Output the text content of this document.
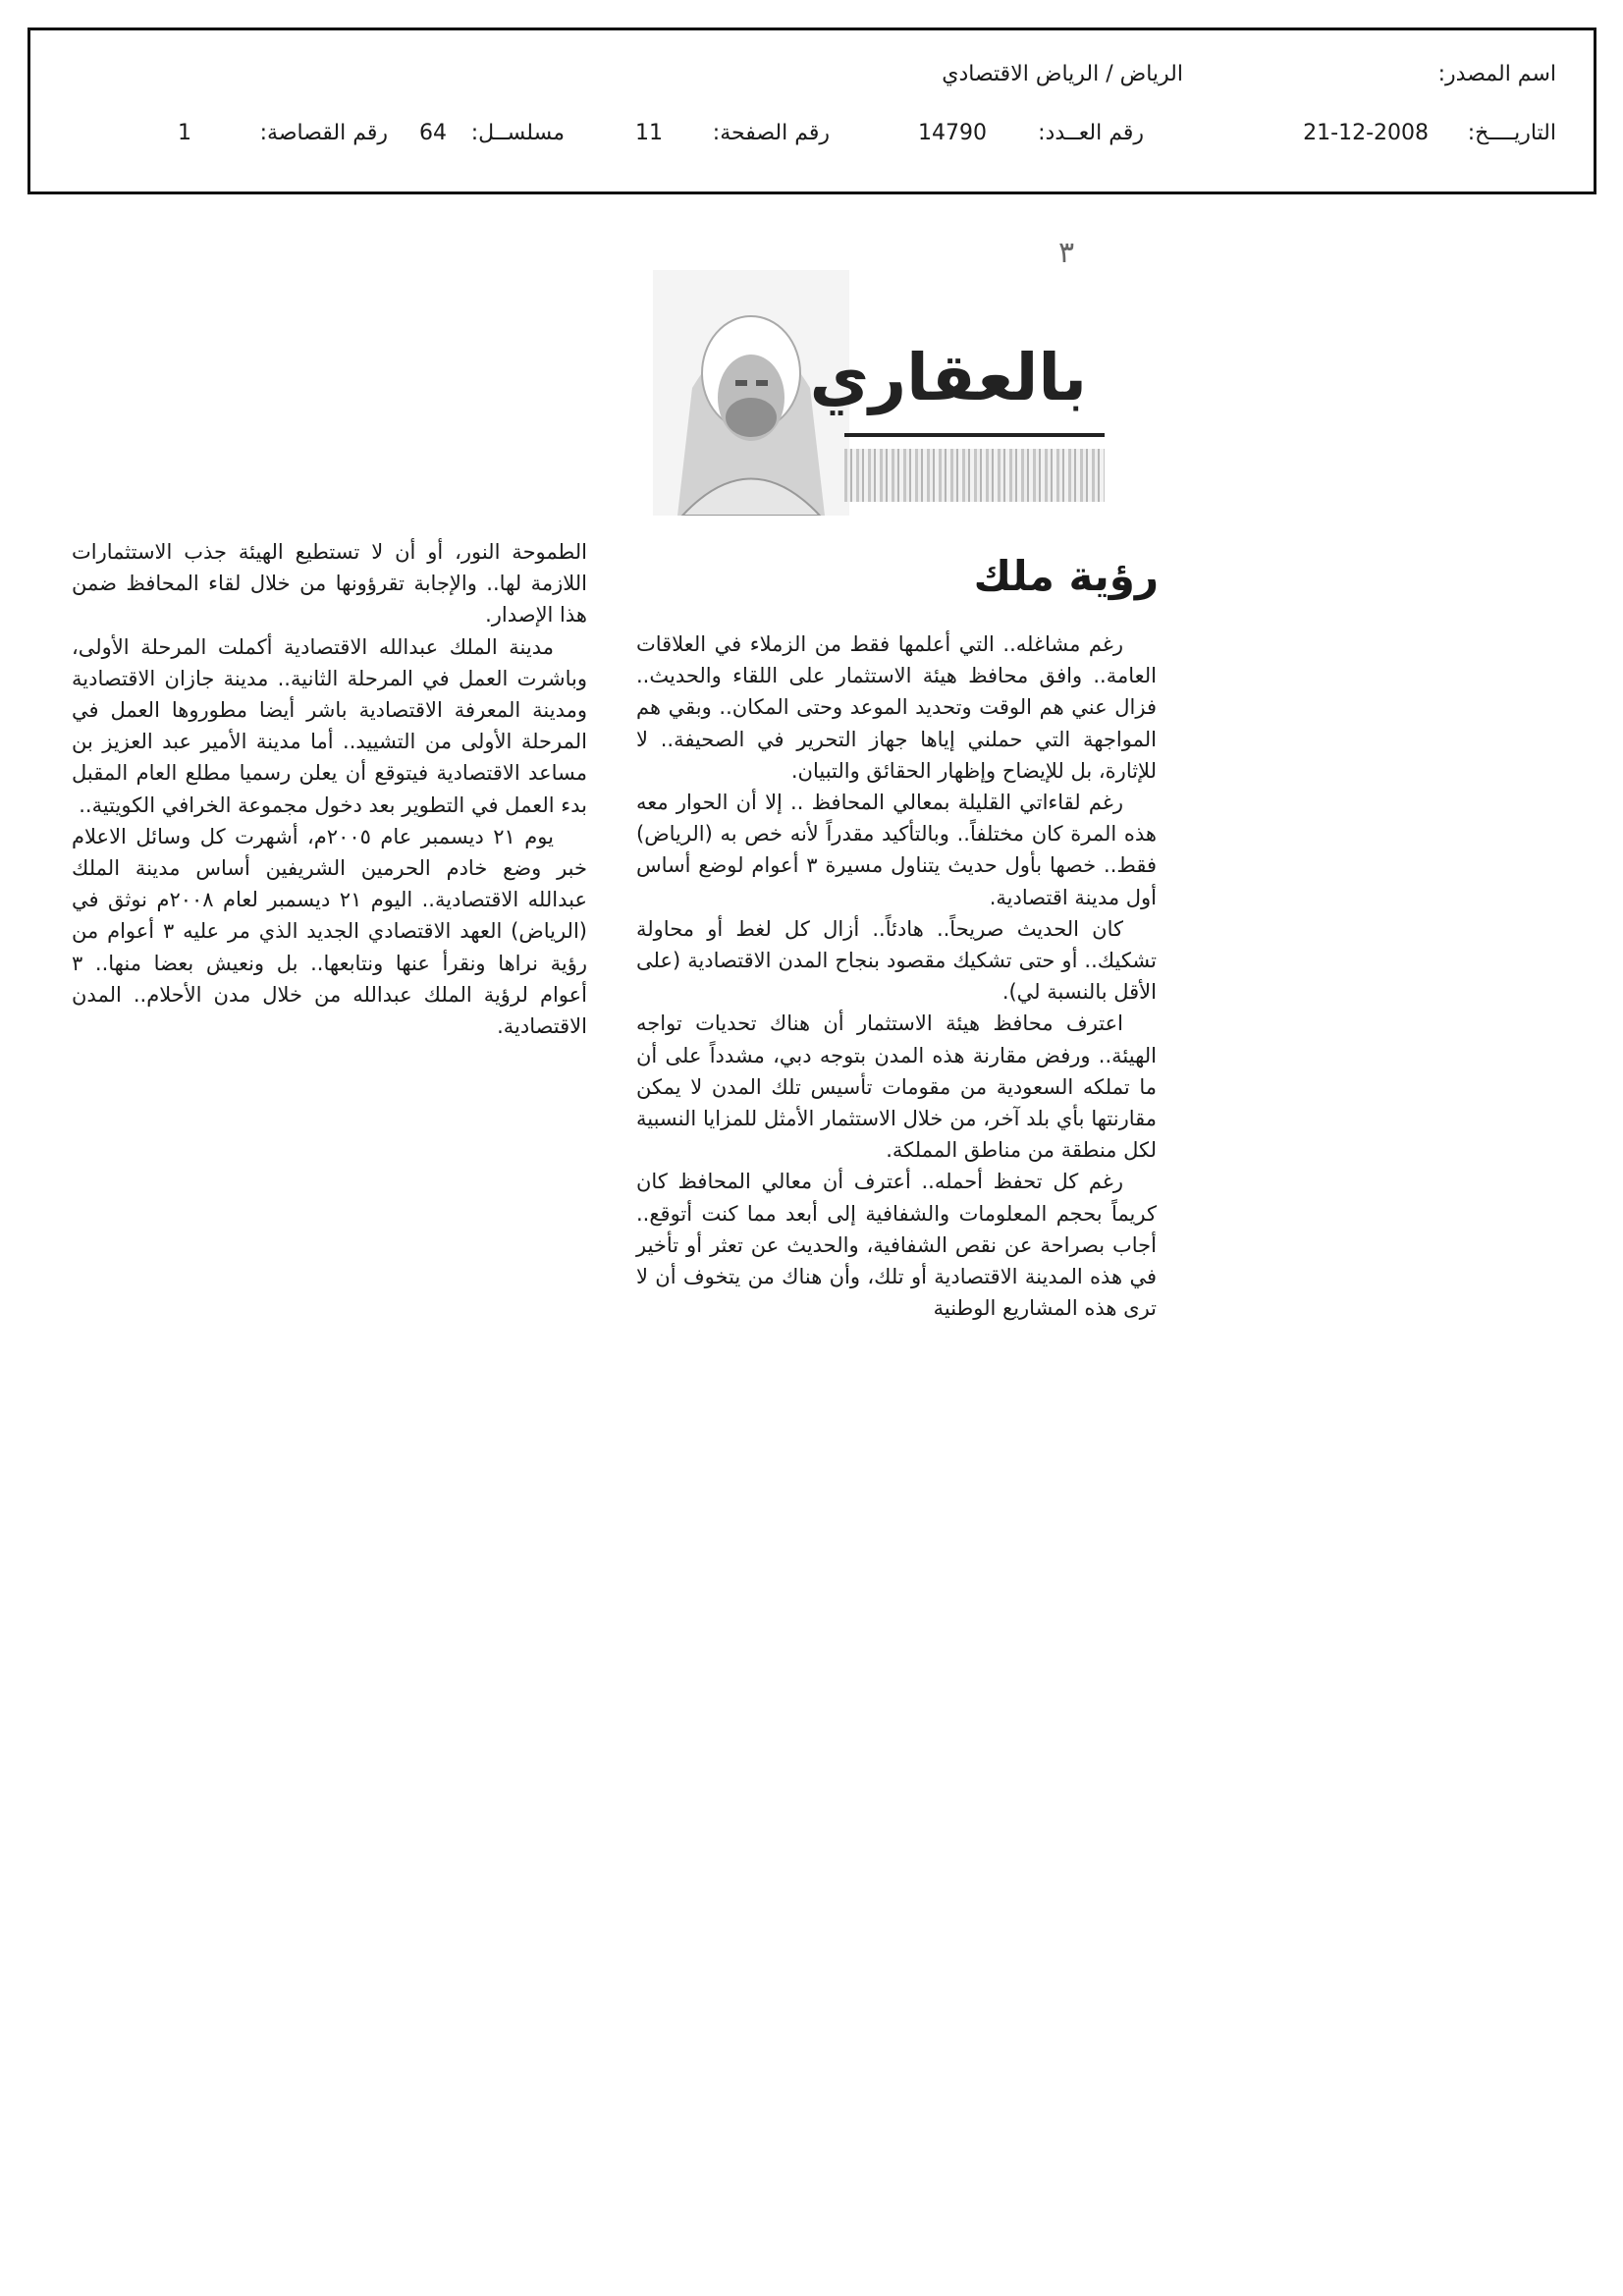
اسم المصدر:
الرياض / الرياض الاقتصادي
التاريــــخ:
21-12-2008
رقم العــدد:
14790
رقم الصفحة:
11
مسلســل:
64
رقم القصاصة:
1
٣
بالعقاري
رؤية ملك

رغم مشاغله.. التي أعلمها فقط من الزملاء في العلاقات العامة.. وافق محافظ هيئة الاستثمار على اللقاء والحديث.. فزال عني هم الوقت وتحديد الموعد وحتى المكان.. وبقي هم المواجهة التي حملني إياها جهاز التحرير في الصحيفة.. لا للإثارة، بل للإيضاح وإظهار الحقائق والتبيان.

رغم لقاءاتي القليلة بمعالي المحافظ .. إلا أن الحوار معه هذه المرة كان مختلفاً.. وبالتأكيد مقدراً لأنه خص به (الرياض) فقط.. خصها بأول حديث يتناول مسيرة ٣ أعوام لوضع أساس أول مدينة اقتصادية.

كان الحديث صريحاً.. هادئاً.. أزال كل لغط أو محاولة تشكيك.. أو حتى تشكيك مقصود بنجاح المدن الاقتصادية (على الأقل بالنسبة لي).

اعترف محافظ هيئة الاستثمار أن هناك تحديات تواجه الهيئة.. ورفض مقارنة هذه المدن بتوجه دبي، مشدداً على أن ما تملكه السعودية من مقومات تأسيس تلك المدن لا يمكن مقارنتها بأي بلد آخر، من خلال الاستثمار الأمثل للمزايا النسبية لكل منطقة من مناطق المملكة.

رغم كل تحفظ أحمله.. أعترف أن معالي المحافظ كان كريماً بحجم المعلومات والشفافية إلى أبعد مما كنت أتوقع.. أجاب بصراحة عن نقص الشفافية، والحديث عن تعثر أو تأخير في هذه المدينة الاقتصادية أو تلك، وأن هناك من يتخوف أن لا ترى هذه المشاريع الوطنية

الطموحة النور، أو أن لا تستطيع الهيئة جذب الاستثمارات اللازمة لها.. والإجابة تقرؤونها من خلال لقاء المحافظ ضمن هذا الإصدار.

مدينة الملك عبدالله الاقتصادية أكملت المرحلة الأولى، وباشرت العمل في المرحلة الثانية.. مدينة جازان الاقتصادية ومدينة المعرفة الاقتصادية باشر أيضا مطوروها العمل في المرحلة الأولى من التشييد.. أما مدينة الأمير عبد العزيز بن مساعد الاقتصادية فيتوقع أن يعلن رسميا مطلع العام المقبل بدء العمل في التطوير بعد دخول مجموعة الخرافي الكويتية..

يوم ٢١ ديسمبر عام ٢٠٠٥م، أشهرت كل وسائل الاعلام خبر وضع خادم الحرمين الشريفين أساس مدينة الملك عبدالله الاقتصادية.. اليوم ٢١ ديسمبر لعام ٢٠٠٨م نوثق في (الرياض) العهد الاقتصادي الجديد الذي مر عليه ٣ أعوام من رؤية نراها ونقرأ عنها ونتابعها.. بل ونعيش بعضا منها.. ٣ أعوام لرؤية الملك عبدالله من خلال مدن الأحلام.. المدن الاقتصادية.
